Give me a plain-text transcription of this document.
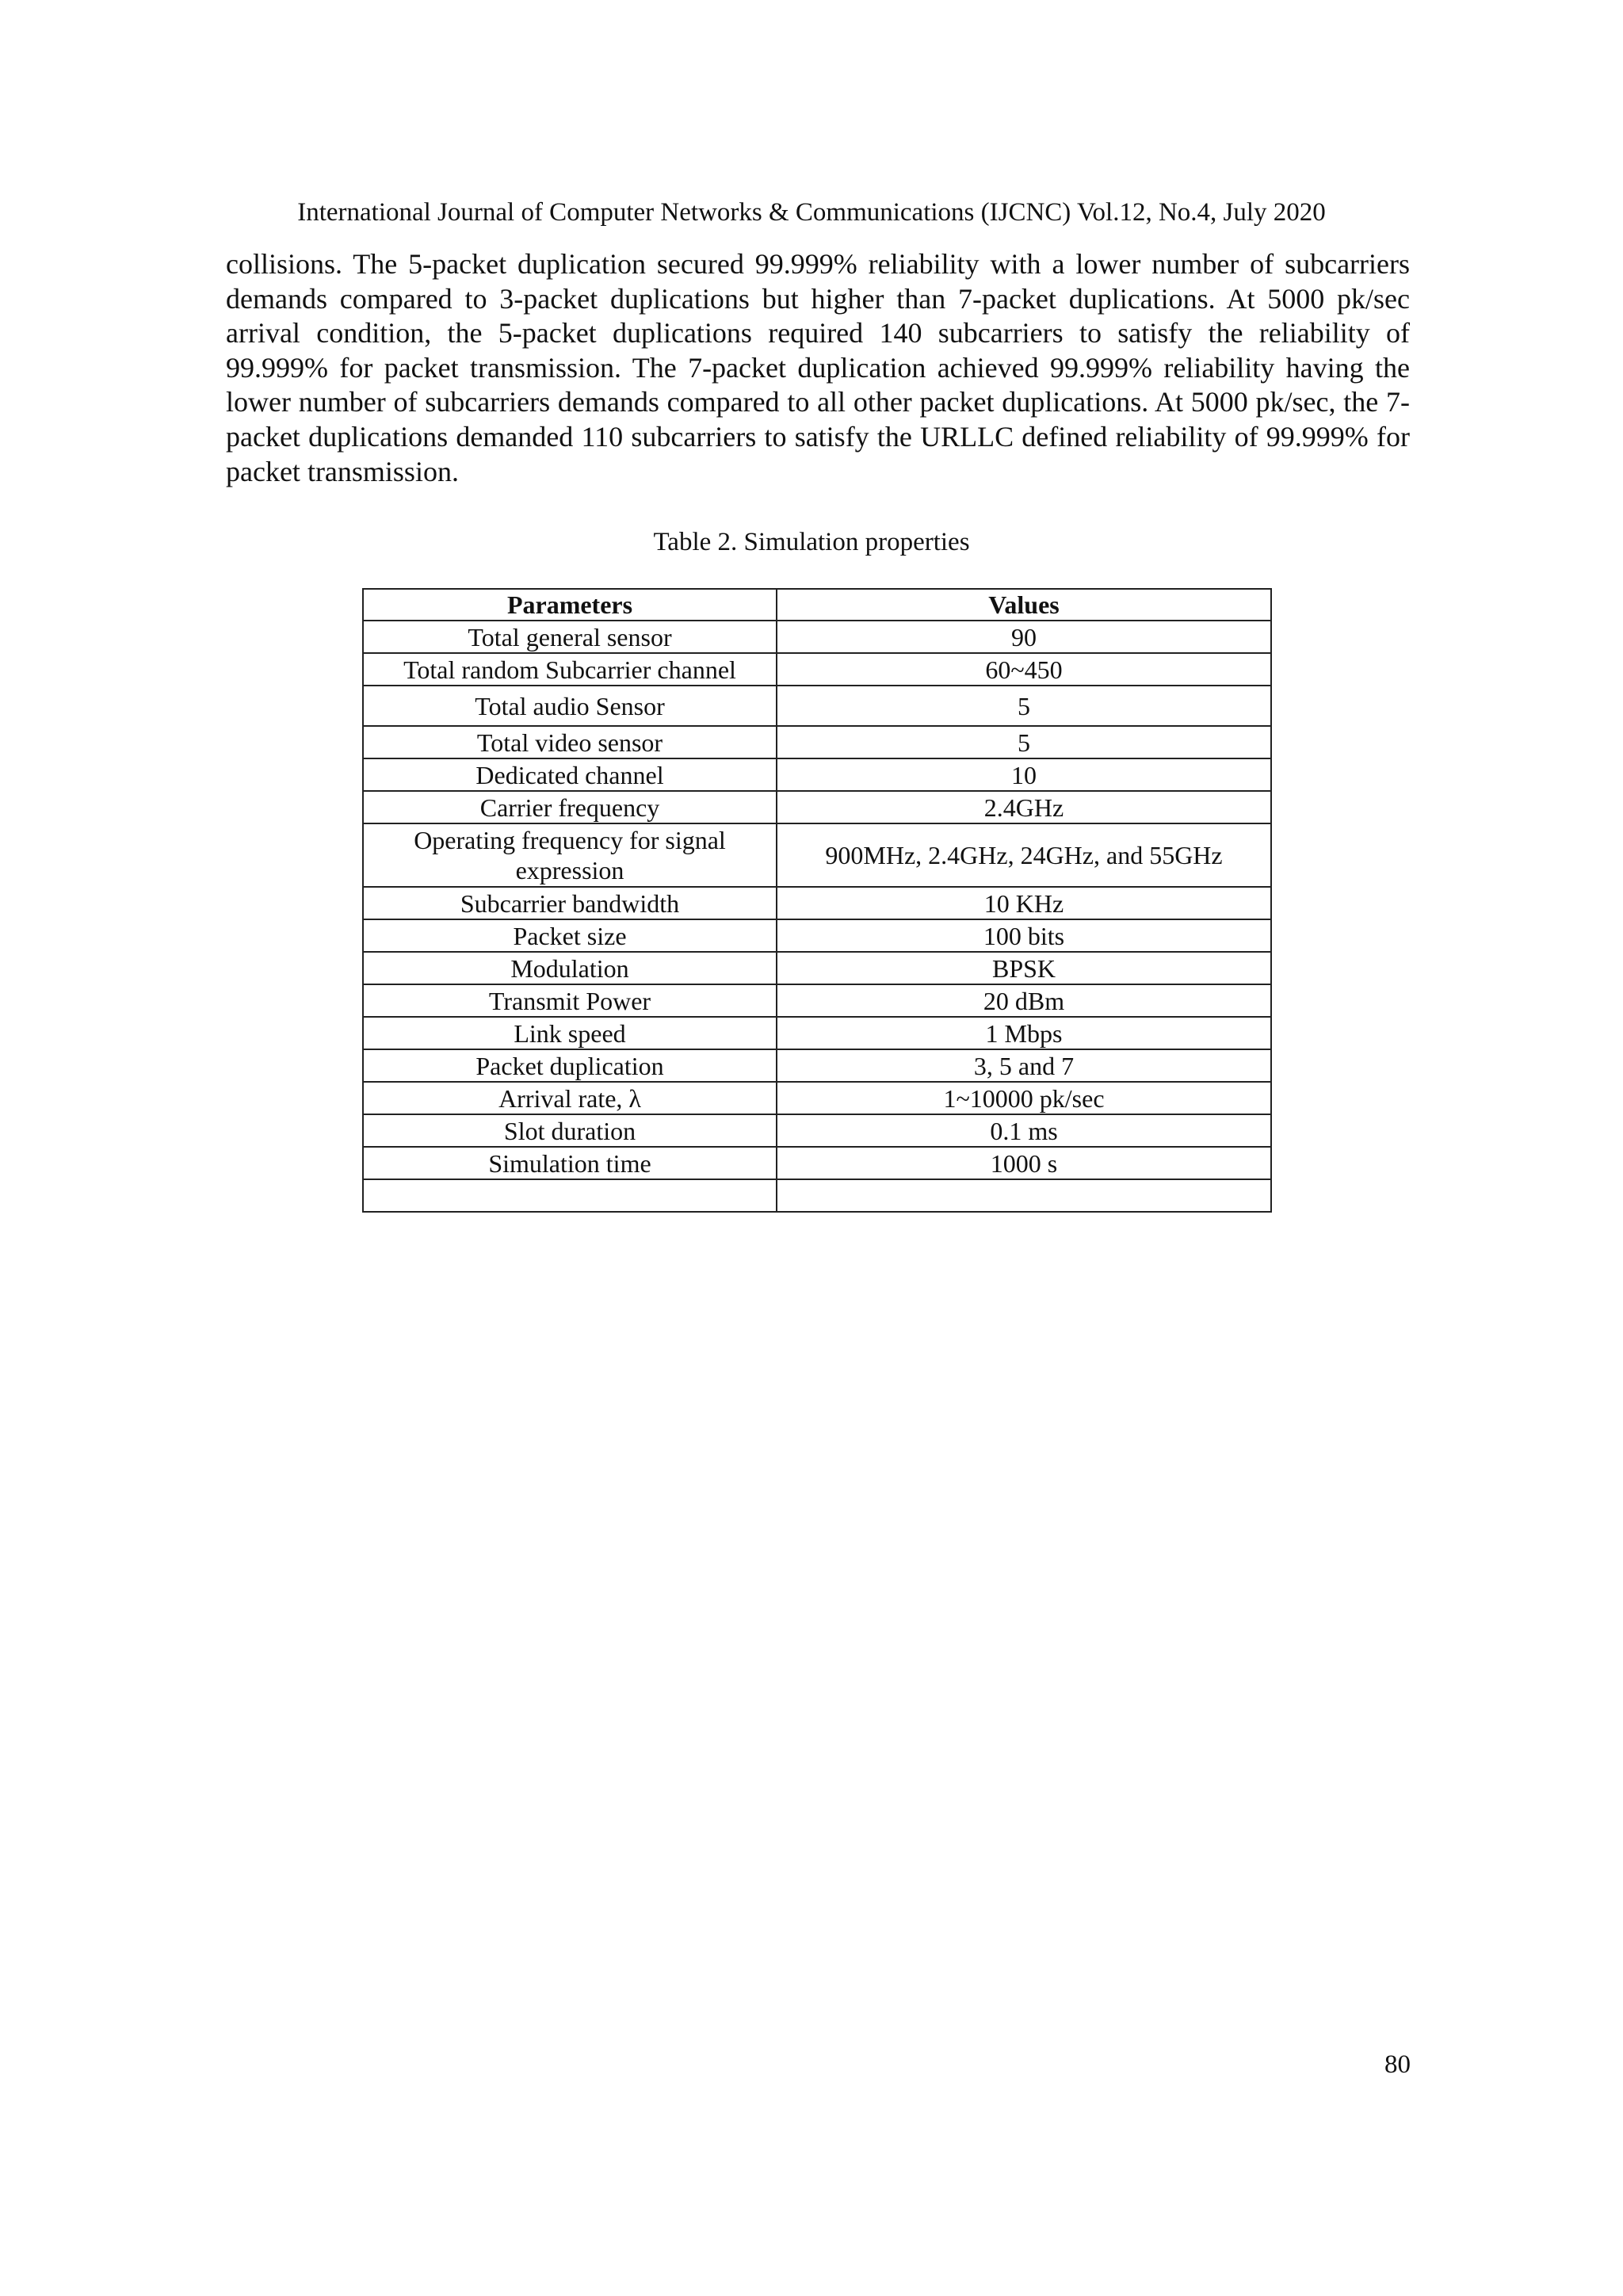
International Journal of Computer Networks & Communications (IJCNC) Vol.12, No.4, July 2020

collisions. The 5-packet duplication secured 99.999% reliability with a lower number of subcarriers demands compared to 3-packet duplications but higher than 7-packet duplications. At 5000 pk/sec arrival condition, the 5-packet duplications required 140 subcarriers to satisfy the reliability of 99.999% for packet transmission. The 7-packet duplication achieved 99.999% reliability having the lower number of subcarriers demands compared to all other packet duplications. At 5000 pk/sec, the 7-packet duplications demanded 110 subcarriers to satisfy the URLLC defined reliability of 99.999% for packet transmission.

Table 2. Simulation properties
Parameters	Values
Total general sensor	90
Total random Subcarrier channel	60~450
Total audio Sensor	5
Total video sensor	5
Dedicated channel	10
Carrier frequency	2.4GHz
Operating frequency for signal expression	900MHz, 2.4GHz, 24GHz, and 55GHz
Subcarrier bandwidth	10 KHz
Packet size	100 bits
Modulation	BPSK
Transmit Power	20 dBm
Link speed	1 Mbps
Packet duplication	3, 5 and 7
Arrival rate, λ	1~10000 pk/sec
Slot duration	0.1 ms
Simulation time	1000 s

80
